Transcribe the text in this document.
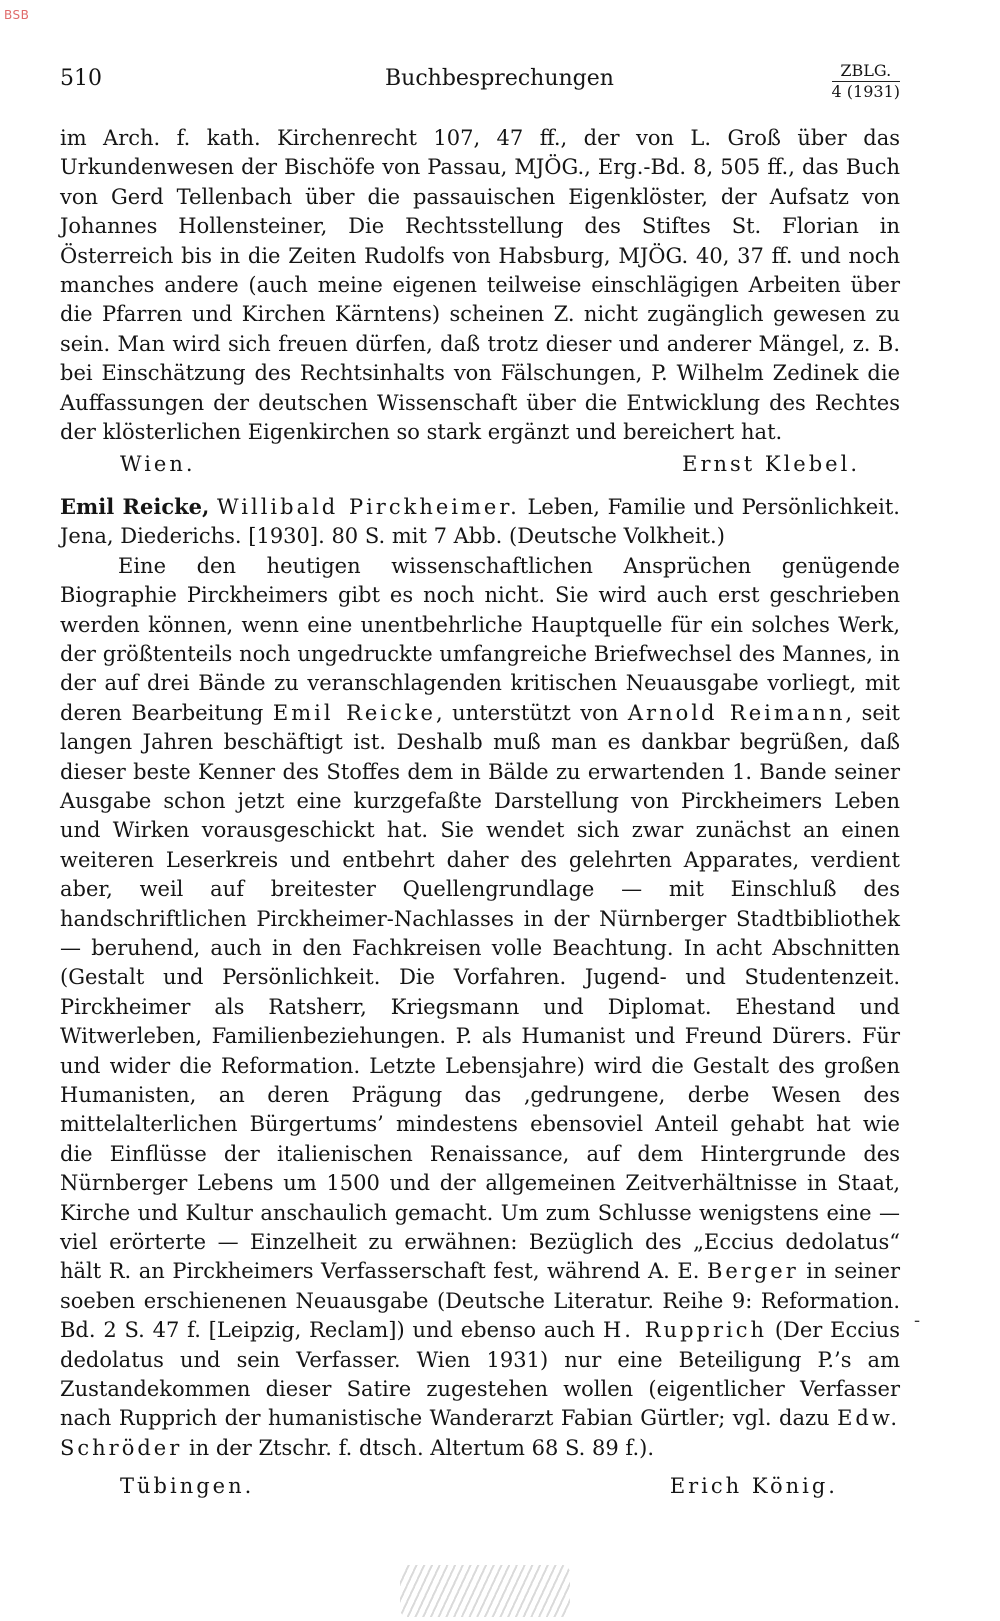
BSB
510	Buchbesprechungen	ZBLG.
4 (1931)

im Arch. f. kath. Kirchenrecht 107, 47 ff., der von L. Groß über das Urkundenwesen der Bischöfe von Passau, MJÖG., Erg.-Bd. 8, 505 ff., das Buch von Gerd Tellenbach über die passauischen Eigenklöster, der Aufsatz von Johannes Hollensteiner, Die Rechtsstellung des Stiftes St. Florian in Österreich bis in die Zeiten Rudolfs von Habsburg, MJÖG. 40, 37 ff. und noch manches andere (auch meine eigenen teilweise einschlägigen Arbeiten über die Pfarren und Kirchen Kärntens) scheinen Z. nicht zugänglich gewesen zu sein. Man wird sich freuen dürfen, daß trotz dieser und anderer Mängel, z. B. bei Einschätzung des Rechtsinhalts von Fälschungen, P. Wilhelm Zedinek die Auffassungen der deutschen Wissenschaft über die Entwicklung des Rechtes der klösterlichen Eigenkirchen so stark ergänzt und bereichert hat.

Wien.	Ernst Klebel.

Emil Reicke, Willibald Pirckheimer. Leben, Familie und Persönlichkeit. Jena, Diederichs. [1930]. 80 S. mit 7 Abb. (Deutsche Volkheit.)

Eine den heutigen wissenschaftlichen Ansprüchen genügende Biographie Pirckheimers gibt es noch nicht. Sie wird auch erst geschrieben werden können, wenn eine unentbehrliche Hauptquelle für ein solches Werk, der größtenteils noch ungedruckte umfangreiche Briefwechsel des Mannes, in der auf drei Bände zu veranschlagenden kritischen Neuausgabe vorliegt, mit deren Bearbeitung Emil Reicke, unterstützt von Arnold Reimann, seit langen Jahren beschäftigt ist. Deshalb muß man es dankbar begrüßen, daß dieser beste Kenner des Stoffes dem in Bälde zu erwartenden 1. Bande seiner Ausgabe schon jetzt eine kurzgefaßte Darstellung von Pirckheimers Leben und Wirken vorausgeschickt hat. Sie wendet sich zwar zunächst an einen weiteren Leserkreis und entbehrt daher des gelehrten Apparates, verdient aber, weil auf breitester Quellengrundlage — mit Einschluß des handschriftlichen Pirckheimer-Nachlasses in der Nürnberger Stadtbibliothek — beruhend, auch in den Fachkreisen volle Beachtung. In acht Abschnitten (Gestalt und Persönlichkeit. Die Vorfahren. Jugend- und Studentenzeit. Pirckheimer als Ratsherr, Kriegsmann und Diplomat. Ehestand und Witwerleben, Familienbeziehungen. P. als Humanist und Freund Dürers. Für und wider die Reformation. Letzte Lebensjahre) wird die Gestalt des großen Humanisten, an deren Prägung das ‚gedrungene, derbe Wesen des mittelalterlichen Bürgertums’ mindestens ebensoviel Anteil gehabt hat wie die Einflüsse der italienischen Renaissance, auf dem Hintergrunde des Nürnberger Lebens um 1500 und der allgemeinen Zeitverhältnisse in Staat, Kirche und Kultur anschaulich gemacht. Um zum Schlusse wenigstens eine — viel erörterte — Einzelheit zu erwähnen: Bezüglich des „Eccius dedolatus“ hält R. an Pirckheimers Verfasserschaft fest, während A. E. Berger in seiner soeben erschienenen Neuausgabe (Deutsche Literatur. Reihe 9: Reformation. Bd. 2 S. 47 f. [Leipzig, Reclam]) und ebenso auch H. Rupprich (Der Eccius dedolatus und sein Verfasser. Wien 1931) nur eine Beteiligung P.’s am Zustandekommen dieser Satire zugestehen wollen (eigentlicher Verfasser nach Rupprich der humanistische Wanderarzt Fabian Gürtler; vgl. dazu Edw. Schröder in der Ztschr. f. dtsch. Altertum 68 S. 89 f.).

Tübingen.	Erich König.
-
